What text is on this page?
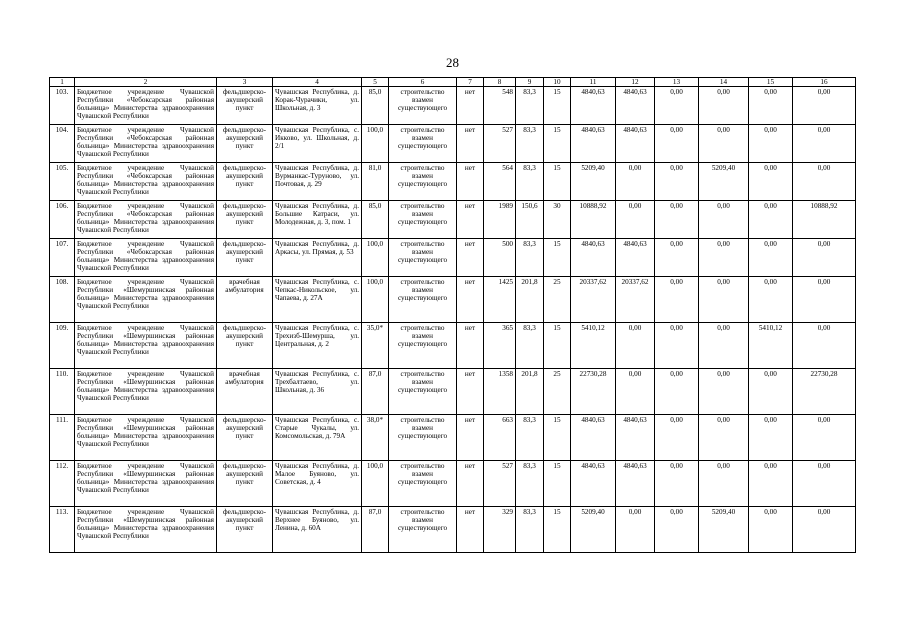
28
1	2	3	4	5	6	7	8	9	10	11	12	13	14	15	16
103.	Бюджетное учреждение Чувашской Республики «Чебоксарская районная больница» Министерства здравоохранения Чувашской Республики	фельдшерско-акушерский пункт	Чувашская Республика, д. Корак-Чурачики, ул. Школьная, д. 3	85,0	строительство взамен существующего	нет	548	83,3	15	4840,63	4840,63	0,00	0,00	0,00	0,00
104.	Бюджетное учреждение Чувашской Республики «Чебоксарская районная больница» Министерства здравоохранения Чувашской Республики	фельдшерско-акушерский пункт	Чувашская Республика, с. Икково, ул. Школьная, д. 2/1	100,0	строительство взамен существующего	нет	527	83,3	15	4840,63	4840,63	0,00	0,00	0,00	0,00
105.	Бюджетное учреждение Чувашской Республики «Чебоксарская районная больница» Министерства здравоохранения Чувашской Республики	фельдшерско-акушерский пункт	Чувашская Республика, д. Вурманкас-Туруново, ул. Почтовая, д. 29	81,0	строительство взамен существующего	нет	564	83,3	15	5209,40	0,00	0,00	5209,40	0,00	0,00
106.	Бюджетное учреждение Чувашской Республики «Чебоксарская районная больница» Министерства здравоохранения Чувашской Республики	фельдшерско-акушерский пункт	Чувашская Республика, д. Большие Катраси, ул. Молодежная, д. 3, пом. 1	85,0	строительство взамен существующего	нет	1989	150,6	30	10888,92	0,00	0,00	0,00	0,00	10888,92
107.	Бюджетное учреждение Чувашской Республики «Чебоксарская районная больница» Министерства здравоохранения Чувашской Республики	фельдшерско-акушерский пункт	Чувашская Республика, д. Аркасы, ул. Прямая, д. 53	100,0	строительство взамен существующего	нет	500	83,3	15	4840,63	4840,63	0,00	0,00	0,00	0,00
108.	Бюджетное учреждение Чувашской Республики «Шемуршинская районная больница» Министерства здравоохранения Чувашской Республики	врачебная амбулатория	Чувашская Республика, с. Чепкас-Никольское, ул. Чапаева, д. 27А	100,0	строительство взамен существующего	нет	1425	201,8	25	20337,62	20337,62	0,00	0,00	0,00	0,00
109.	Бюджетное учреждение Чувашской Республики «Шемуршинская районная больница» Министерства здравоохранения Чувашской Республики	фельдшерско-акушерский пункт	Чувашская Республика, с. Трехизб-Шемурша, ул. Центральная, д. 2	35,0*	строительство взамен существующего	нет	365	83,3	15	5410,12	0,00	0,00	0,00	5410,12	0,00
110.	Бюджетное учреждение Чувашской Республики «Шемуршинская районная больница» Министерства здравоохранения Чувашской Республики	врачебная амбулатория	Чувашская Республика, с. Трехбалтаево, ул. Школьная, д. 36	87,0	строительство взамен существующего	нет	1358	201,8	25	22730,28	0,00	0,00	0,00	0,00	22730,28
111.	Бюджетное учреждение Чувашской Республики «Шемуршинская районная больница» Министерства здравоохранения Чувашской Республики	фельдшерско-акушерский пункт	Чувашская Республика, с. Старые Чукалы, ул. Комсомольская, д. 79А	38,0*	строительство взамен существующего	нет	663	83,3	15	4840,63	4840,63	0,00	0,00	0,00	0,00
112.	Бюджетное учреждение Чувашской Республики «Шемуршинская районная больница» Министерства здравоохранения Чувашской Республики	фельдшерско-акушерский пункт	Чувашская Республика, д. Малое Буяново, ул. Советская, д. 4	100,0	строительство взамен существующего	нет	527	83,3	15	4840,63	4840,63	0,00	0,00	0,00	0,00
113.	Бюджетное учреждение Чувашской Республики «Шемуршинская районная больница» Министерства здравоохранения Чувашской Республики	фельдшерско-акушерский пункт	Чувашская Республика, д. Верхнее Буяново, ул. Ленина, д. 60А	87,0	строительство взамен существующего	нет	329	83,3	15	5209,40	0,00	0,00	5209,40	0,00	0,00
